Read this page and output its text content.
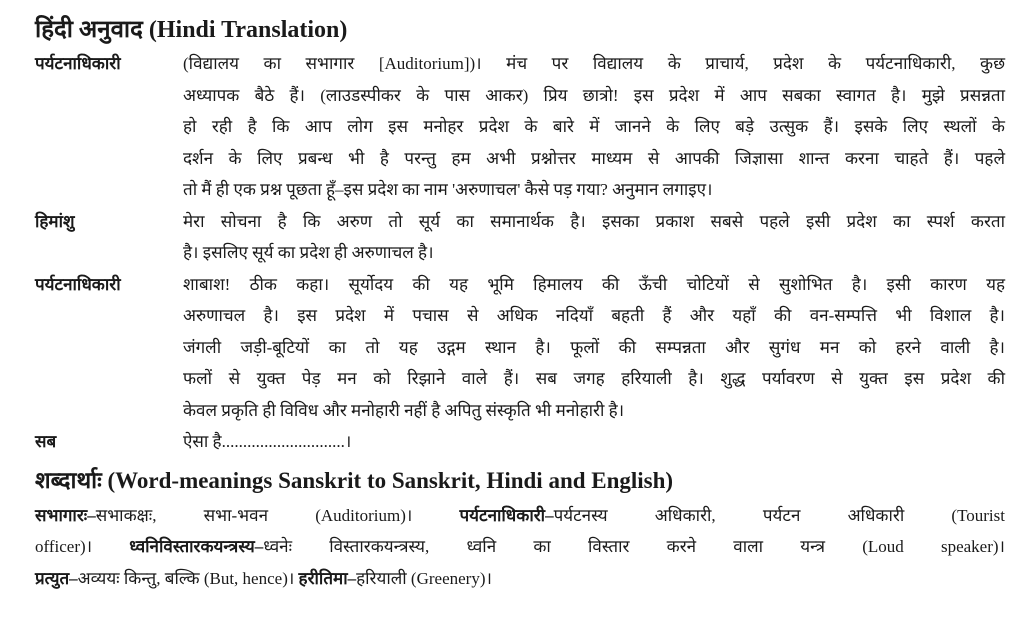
हिंदी अनुवाद (Hindi Translation)
पर्यटनाधिकारी	(विद्यालय का सभागार [Auditorium])। मंच पर विद्यालय के प्राचार्य, प्रदेश के पर्यटनाधिकारी, कुछ
अध्यापक बैठे हैं। (लाउडस्पीकर के पास आकर) प्रिय छात्रो! इस प्रदेश में आप सबका स्वागत है। मुझे प्रसन्नता
हो रही है कि आप लोग इस मनोहर प्रदेश के बारे में जानने के लिए बड़े उत्सुक हैं। इसके लिए स्थलों के
दर्शन के लिए प्रबन्ध भी है परन्तु हम अभी प्रश्नोत्तर माध्यम से आपकी जिज्ञासा शान्त करना चाहते हैं। पहले
तो मैं ही एक प्रश्न पूछता हूँ–इस प्रदेश का नाम 'अरुणाचल' कैसे पड़ गया? अनुमान लगाइए।
हिमांशु	मेरा सोचना है कि अरुण तो सूर्य का समानार्थक है। इसका प्रकाश सबसे पहले इसी प्रदेश का स्पर्श करता
है। इसलिए सूर्य का प्रदेश ही अरुणाचल है।
पर्यटनाधिकारी	शाबाश! ठीक कहा। सूर्योदय की यह भूमि हिमालय की ऊँची चोटियों से सुशोभित है। इसी कारण यह
अरुणाचल है। इस प्रदेश में पचास से अधिक नदियाँ बहती हैं और यहाँ की वन-सम्पत्ति भी विशाल है।
जंगली जड़ी-बूटियों का तो यह उद्गम स्थान है। फूलों की सम्पन्नता और सुगंध मन को हरने वाली है।
फलों से युक्त पेड़ मन को रिझाने वाले हैं। सब जगह हरियाली है। शुद्ध पर्यावरण से युक्त इस प्रदेश की
केवल प्रकृति ही विविध और मनोहारी नहीं है अपितु संस्कृति भी मनोहारी है।
सब	ऐसा है.............................।
शब्दार्थाः (Word-meanings Sanskrit to Sanskrit, Hindi and English)
सभागारः–सभाकक्षः, सभा-भवन (Auditorium)। पर्यटनाधिकारी–पर्यटनस्य अधिकारी, पर्यटन अधिकारी (Tourist
officer)। ध्वनिविस्तारकयन्त्रस्य–ध्वनेः विस्तारकयन्त्रस्य, ध्वनि का विस्तार करने वाला यन्त्र (Loud speaker)।
प्रत्युत–अव्ययः किन्तु, बल्कि (But, hence)। हरीतिमा–हरियाली (Greenery)।
